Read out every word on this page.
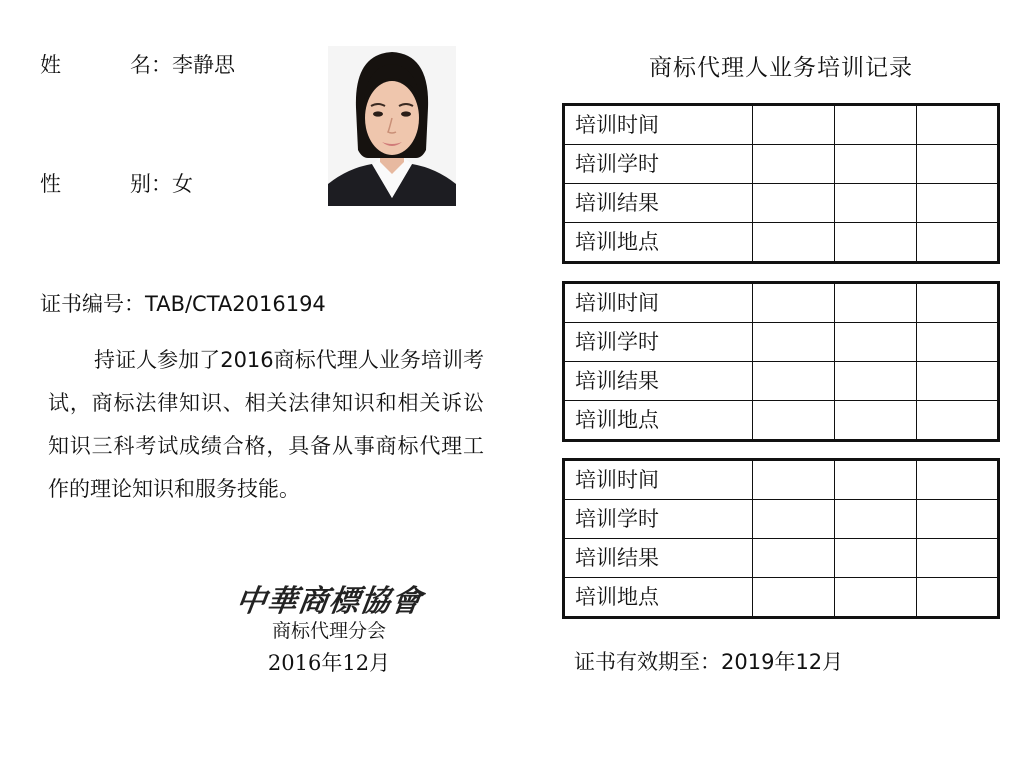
姓名：李静思
性别：女
证书编号：TAB/CTA2016194
持证人参加了2016商标代理人业务培训考试，商标法律知识、相关法律知识和相关诉讼知识三科考试成绩合格，具备从事商标代理工作的理论知识和服务技能。
中華商標協會
商标代理分会
2016年12月
商标代理人业务培训记录
培训时间			
培训学时			
培训结果			
培训地点			
培训时间			
培训学时			
培训结果			
培训地点			
培训时间			
培训学时			
培训结果			
培训地点			
证书有效期至：2019年12月
